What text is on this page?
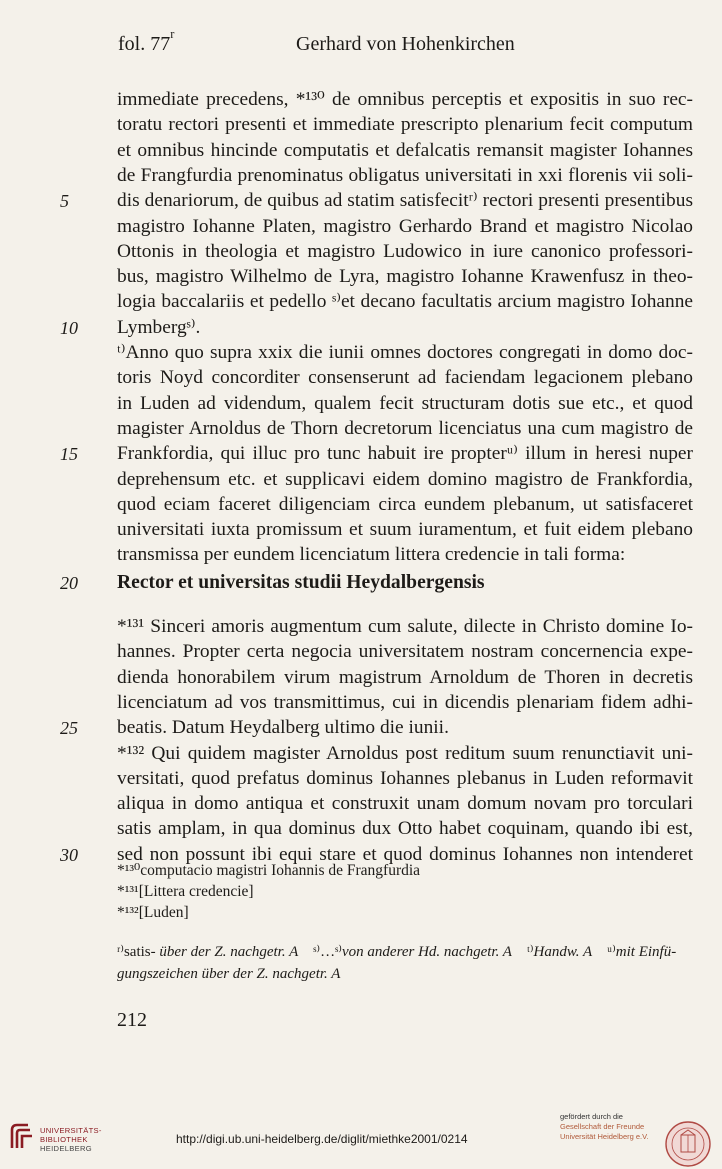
fol. 77$^r$	Gerhard von Hohenkirchen
immediate precedens, *¹³⁰ de omnibus perceptis et expositis in suo rec-
toratu rectori presenti et immediate prescripto plenarium fecit computum
et omnibus hincinde computatis et defalcatis remansit magister Iohannes
de Frangfurdia prenominatus obligatus universitati in xxi florenis vii soli-
5	dis denariorum, de quibus ad statim satisfecitʳ⁾ rectori presenti presentibus
magistro Iohanne Platen, magistro Gerhardo Brand et magistro Nicolao
Ottonis in theologia et magistro Ludowico in iure canonico professori-
bus, magistro Wilhelmo de Lyra, magistro Iohanne Krawenfusz in theo-
logia baccalariis et pedello ˢ⁾et decano facultatis arcium magistro Iohanne
10	Lymbergˢ⁾.
ᵗ⁾Anno quo supra xxix die iunii omnes doctores congregati in domo doc-
toris Noyd concorditer consenserunt ad faciendam legacionem plebano
in Luden ad videndum, qualem fecit structuram dotis sue etc., et quod
magister Arnoldus de Thorn decretorum licenciatus una cum magistro de
15	Frankfordia, qui illuc pro tunc habuit ire propterᵘ⁾ illum in heresi nuper
deprehensum etc. et supplicavi eidem domino magistro de Frankfordia,
quod eciam faceret diligenciam circa eundem plebanum, ut satisfaceret
universitati iuxta promissum et suum iuramentum, et fuit eidem plebano
transmissa per eundem licenciatum littera credencie in tali forma:
20	Rector et universitas studii Heydalbergensis
*¹³¹ Sinceri amoris augmentum cum salute, dilecte in Christo domine Io-
hannes. Propter certa negocia universitatem nostram concernencia expe-
dienda honorabilem virum magistrum Arnoldum de Thoren in decretis
licenciatum ad vos transmittimus, cui in dicendis plenariam fidem adhi-
25	beatis. Datum Heydalberg ultimo die iunii.
*¹³² Qui quidem magister Arnoldus post reditum suum renunctiavit uni-
versitati, quod prefatus dominus Iohannes plebanus in Luden reformavit
aliqua in domo antiqua et construxit unam domum novam pro torculari
satis amplam, in qua dominus dux Otto habet coquinam, quando ibi est,
30	sed non possunt ibi equi stare et quod dominus Iohannes non intenderet
*¹³⁰computacio magistri Iohannis de Frangfurdia
*¹³¹[Littera credencie]
*¹³²[Luden]
ʳ⁾satis- über der Z. nachgetr. A ˢ⁾…ˢ⁾von anderer Hd. nachgetr. A ᵗ⁾Handw. A ᵘ⁾mit Einfü-
gungszeichen über der Z. nachgetr. A
212
UNIVERSITÄTS-
BIBLIOTHEK
HEIDELBERG
http://digi.ub.uni-heidelberg.de/diglit/miethke2001/0214
gefördert durch die
Gesellschaft der Freunde
Universität Heidelberg e.V.
